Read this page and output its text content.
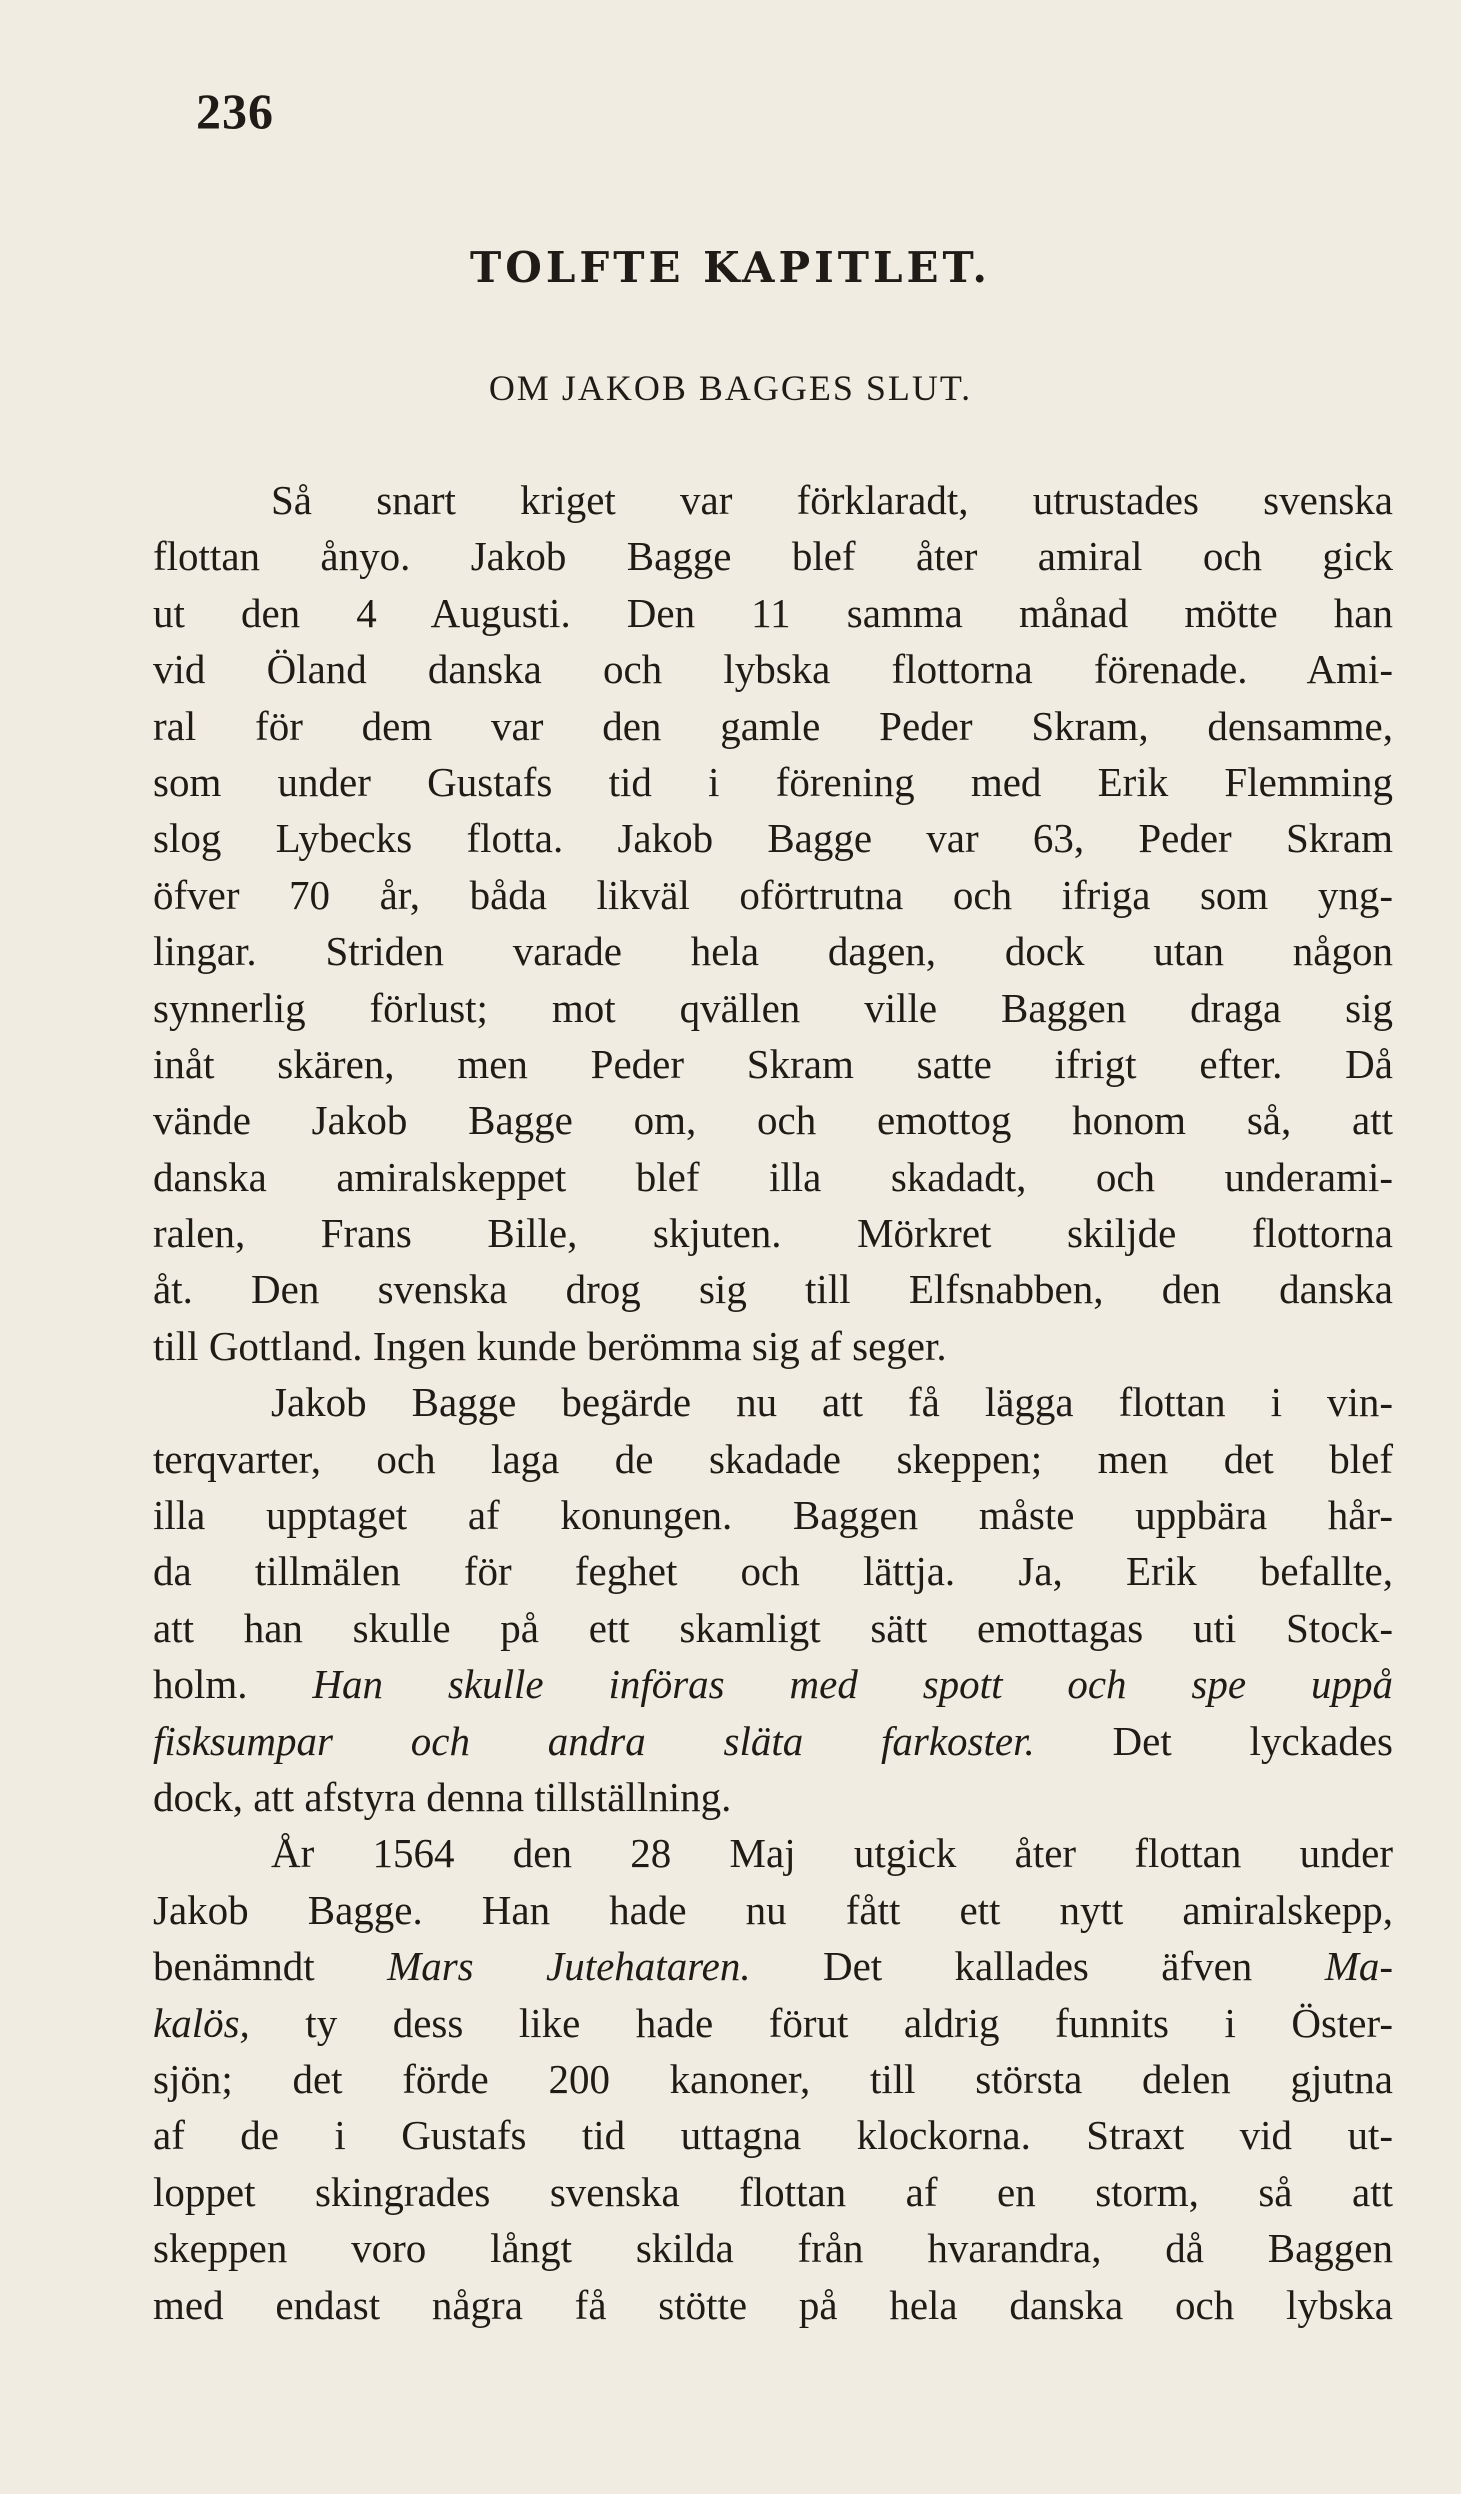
236
TOLFTE KAPITLET.
OM JAKOB BAGGES SLUT.
Så snart kriget var förklaradt, utrustades svenska
flottan ånyo. Jakob Bagge blef åter amiral och gick
ut den 4 Augusti. Den 11 samma månad mötte han
vid Öland danska och lybska flottorna förenade. Ami-
ral för dem var den gamle Peder Skram, densamme,
som under Gustafs tid i förening med Erik Flemming
slog Lybecks flotta. Jakob Bagge var 63, Peder Skram
öfver 70 år, båda likväl oförtrutna och ifriga som yng-
lingar. Striden varade hela dagen, dock utan någon
synnerlig förlust; mot qvällen ville Baggen draga sig
inåt skären, men Peder Skram satte ifrigt efter. Då
vände Jakob Bagge om, och emottog honom så, att
danska amiralskeppet blef illa skadadt, och underami-
ralen, Frans Bille, skjuten. Mörkret skiljde flottorna
åt. Den svenska drog sig till Elfsnabben, den danska
till Gottland. Ingen kunde berömma sig af seger.
Jakob Bagge begärde nu att få lägga flottan i vin-
terqvarter, och laga de skadade skeppen; men det blef
illa upptaget af konungen. Baggen måste uppbära hår-
da tillmälen för feghet och lättja. Ja, Erik befallte,
att han skulle på ett skamligt sätt emottagas uti Stock-
holm. Han skulle införas med spott och spe uppå
fisksumpar och andra släta farkoster. Det lyckades
dock, att afstyra denna tillställning.
År 1564 den 28 Maj utgick åter flottan under
Jakob Bagge. Han hade nu fått ett nytt amiralskepp,
benämndt Mars Jutehataren. Det kallades äfven Ma-
kalös, ty dess like hade förut aldrig funnits i Öster-
sjön; det förde 200 kanoner, till största delen gjutna
af de i Gustafs tid uttagna klockorna. Straxt vid ut-
loppet skingrades svenska flottan af en storm, så att
skeppen voro långt skilda från hvarandra, då Baggen
med endast några få stötte på hela danska och lybska
